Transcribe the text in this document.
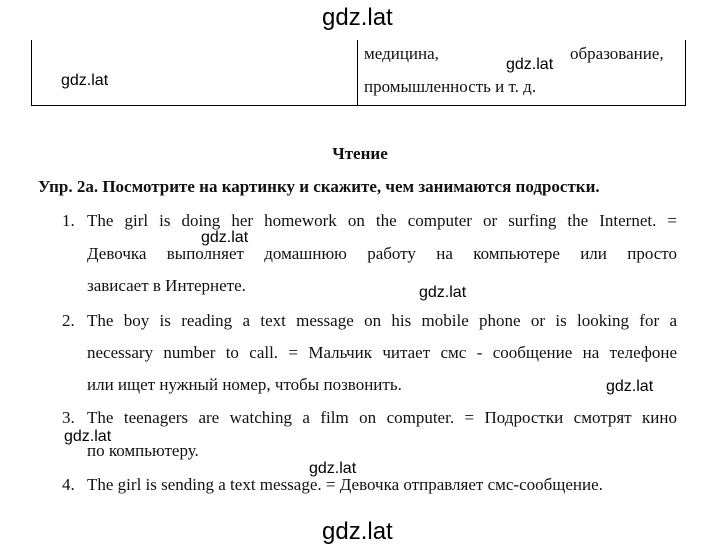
gdz.lat
gdz.lat
gdz.lat
gdz.lat
gdz.lat
gdz.lat
gdz.lat
gdz.lat
gdz.lat
медицина,	образование,
промышленность и т. д.
Чтение
Упр. 2a. Посмотрите на картинку и скажите, чем занимаются подростки.
1. The girl is doing her homework on the computer or surfing the Internet. =
Девочка выполняет домашнюю работу на компьютере или просто
зависает в Интернете.
2. The boy is reading a text message on his mobile phone or is looking for a
necessary number to call. = Мальчик читает смс - сообщение на телефоне
или ищет нужный номер, чтобы позвонить.
3. The teenagers are watching a film on computer. = Подростки смотрят кино
по компьютеру.
4. The girl is sending a text message. = Девочка отправляет смс-сообщение.
